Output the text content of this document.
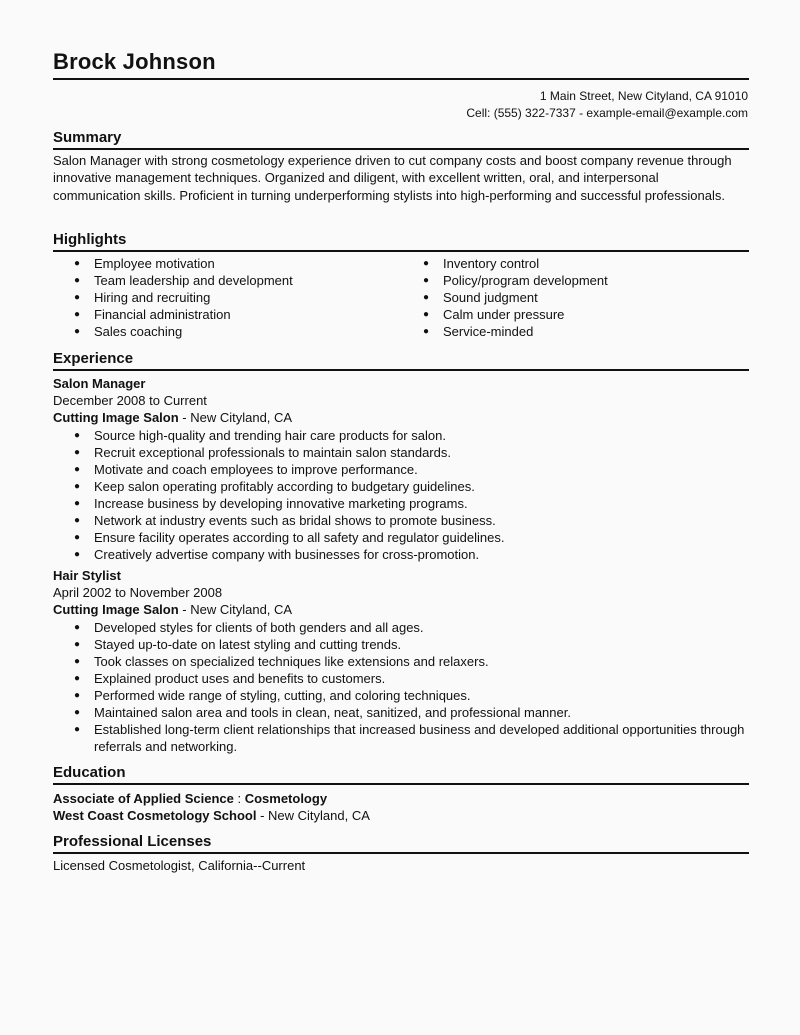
Brock Johnson
1 Main Street, New Cityland, CA 91010
Cell: (555) 322-7337 - example-email@example.com
Summary
Salon Manager with strong cosmetology experience driven to cut company costs and boost company revenue through innovative management techniques. Organized and diligent, with excellent written, oral, and interpersonal communication skills. Proficient in turning underperforming stylists into high-performing and successful professionals.
Highlights
● Employee motivation
● Team leadership and development
● Hiring and recruiting
● Financial administration
● Sales coaching
● Inventory control
● Policy/program development
● Sound judgment
● Calm under pressure
● Service-minded
Experience
Salon Manager
December 2008 to Current
Cutting Image Salon - New Cityland, CA
● Source high-quality and trending hair care products for salon.
● Recruit exceptional professionals to maintain salon standards.
● Motivate and coach employees to improve performance.
● Keep salon operating profitably according to budgetary guidelines.
● Increase business by developing innovative marketing programs.
● Network at industry events such as bridal shows to promote business.
● Ensure facility operates according to all safety and regulator guidelines.
● Creatively advertise company with businesses for cross-promotion.
Hair Stylist
April 2002 to November 2008
Cutting Image Salon - New Cityland, CA
● Developed styles for clients of both genders and all ages.
● Stayed up-to-date on latest styling and cutting trends.
● Took classes on specialized techniques like extensions and relaxers.
● Explained product uses and benefits to customers.
● Performed wide range of styling, cutting, and coloring techniques.
● Maintained salon area and tools in clean, neat, sanitized, and professional manner.
● Established long-term client relationships that increased business and developed additional opportunities through referrals and networking.
Education
Associate of Applied Science : Cosmetology
West Coast Cosmetology School - New Cityland, CA
Professional Licenses
Licensed Cosmetologist, California--Current
